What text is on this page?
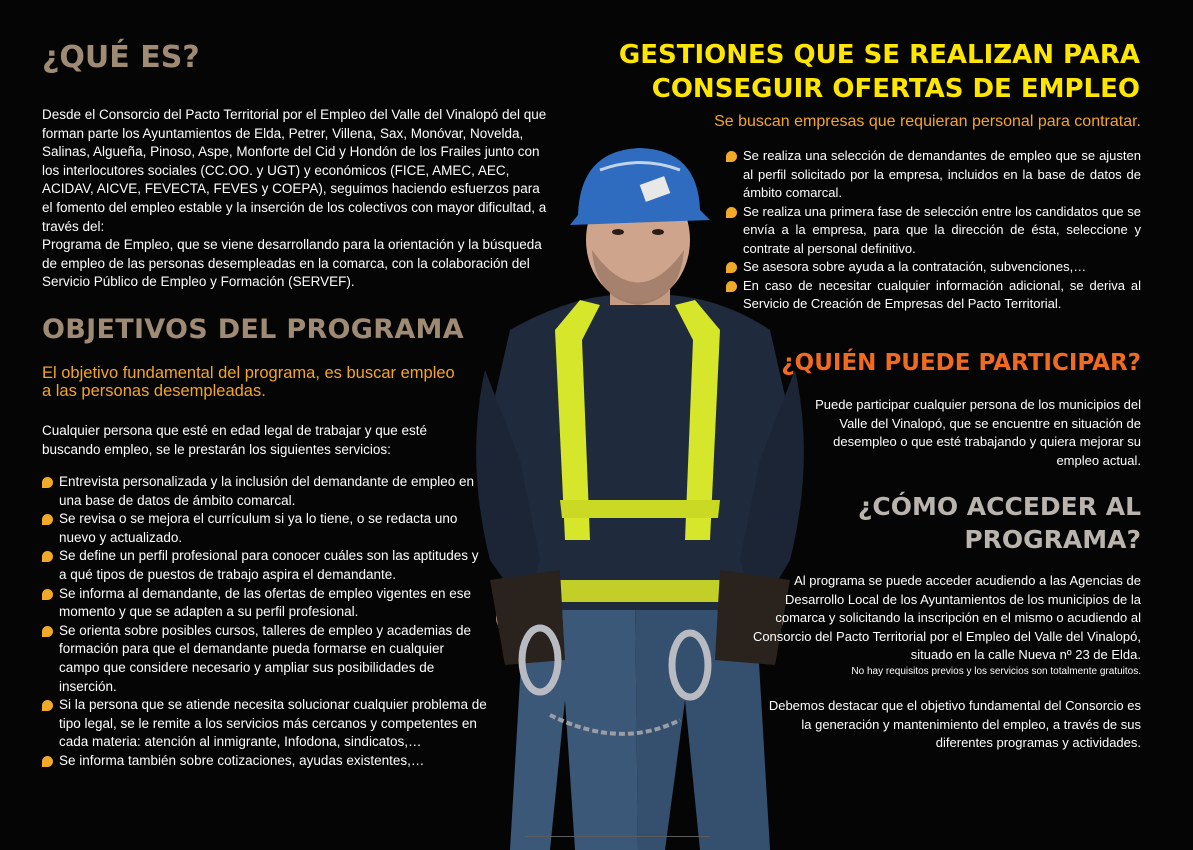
¿QUÉ ES?
Desde el Consorcio del Pacto Territorial por el Empleo del Valle del Vinalopó del que forman parte los Ayuntamientos de Elda, Petrer, Villena, Sax, Monóvar, Novelda, Salinas, Algueña, Pinoso, Aspe, Monforte del Cid y Hondón de los Frailes junto con los interlocutores sociales (CC.OO. y UGT) y económicos (FICE, AMEC, AEC, ACIDAV, AICVE, FEVECTA, FEVES y COEPA), seguimos haciendo esfuerzos para el fomento del empleo estable y la inserción de los colectivos con mayor dificultad, a través del:
Programa de Empleo, que se viene desarrollando para la orientación y la búsqueda de empleo de las personas desempleadas en la comarca, con la colaboración del Servicio Público de Empleo y Formación (SERVEF).
OBJETIVOS DEL PROGRAMA
El objetivo fundamental del programa, es buscar empleo a las personas desempleadas.
Cualquier persona que esté en edad legal de trabajar y que esté buscando empleo, se le prestarán los siguientes servicios:
Entrevista personalizada y la inclusión del demandante de empleo en una base de datos de ámbito comarcal.
Se revisa o se mejora el currículum si ya lo tiene, o se redacta uno nuevo y actualizado.
Se define un perfil profesional para conocer cuáles son las aptitudes y a qué tipos de puestos de trabajo aspira el demandante.
Se informa al demandante, de las ofertas de empleo vigentes en ese momento y que se adapten a su perfil profesional.
Se orienta sobre posibles cursos, talleres de empleo y academias de formación para que el demandante pueda formarse en cualquier campo que considere necesario y ampliar sus posibilidades de inserción.
Si la persona que se atiende necesita solucionar cualquier problema de tipo legal, se le remite a los servicios más cercanos y competentes en cada materia: atención al inmigrante, Infodona, sindicatos,…
Se informa también sobre cotizaciones, ayudas existentes,…
GESTIONES QUE SE REALIZAN PARA
CONSEGUIR OFERTAS DE EMPLEO
Se buscan empresas que requieran personal para contratar.
Se realiza una selección de demandantes de empleo que se ajusten al perfil solicitado por la empresa, incluidos en la base de datos de ámbito comarcal.
Se realiza una primera fase de selección entre los candidatos que se envía a la empresa, para que la dirección de ésta, seleccione y contrate al personal definitivo.
Se asesora sobre ayuda a la contratación, subvenciones,…
En caso de necesitar cualquier información adicional, se deriva al Servicio de Creación de Empresas del Pacto Territorial.
¿QUIÉN PUEDE PARTICIPAR?
Puede participar cualquier persona de los municipios del Valle del Vinalopó, que se encuentre en situación de desempleo o que esté trabajando y quiera mejorar su empleo actual.
¿CÓMO ACCEDER AL
PROGRAMA?
Al programa se puede acceder acudiendo a las Agencias de Desarrollo Local de los Ayuntamientos de los municipios de la comarca y solicitando la inscripción en el mismo o acudiendo al Consorcio del Pacto Territorial por el Empleo del Valle del Vinalopó, situado en la calle Nueva nº 23 de Elda.
No hay requisitos previos y los servicios son totalmente gratuitos.
Debemos destacar que el objetivo fundamental del Consorcio es la generación y mantenimiento del empleo, a través de sus diferentes programas y actividades.
